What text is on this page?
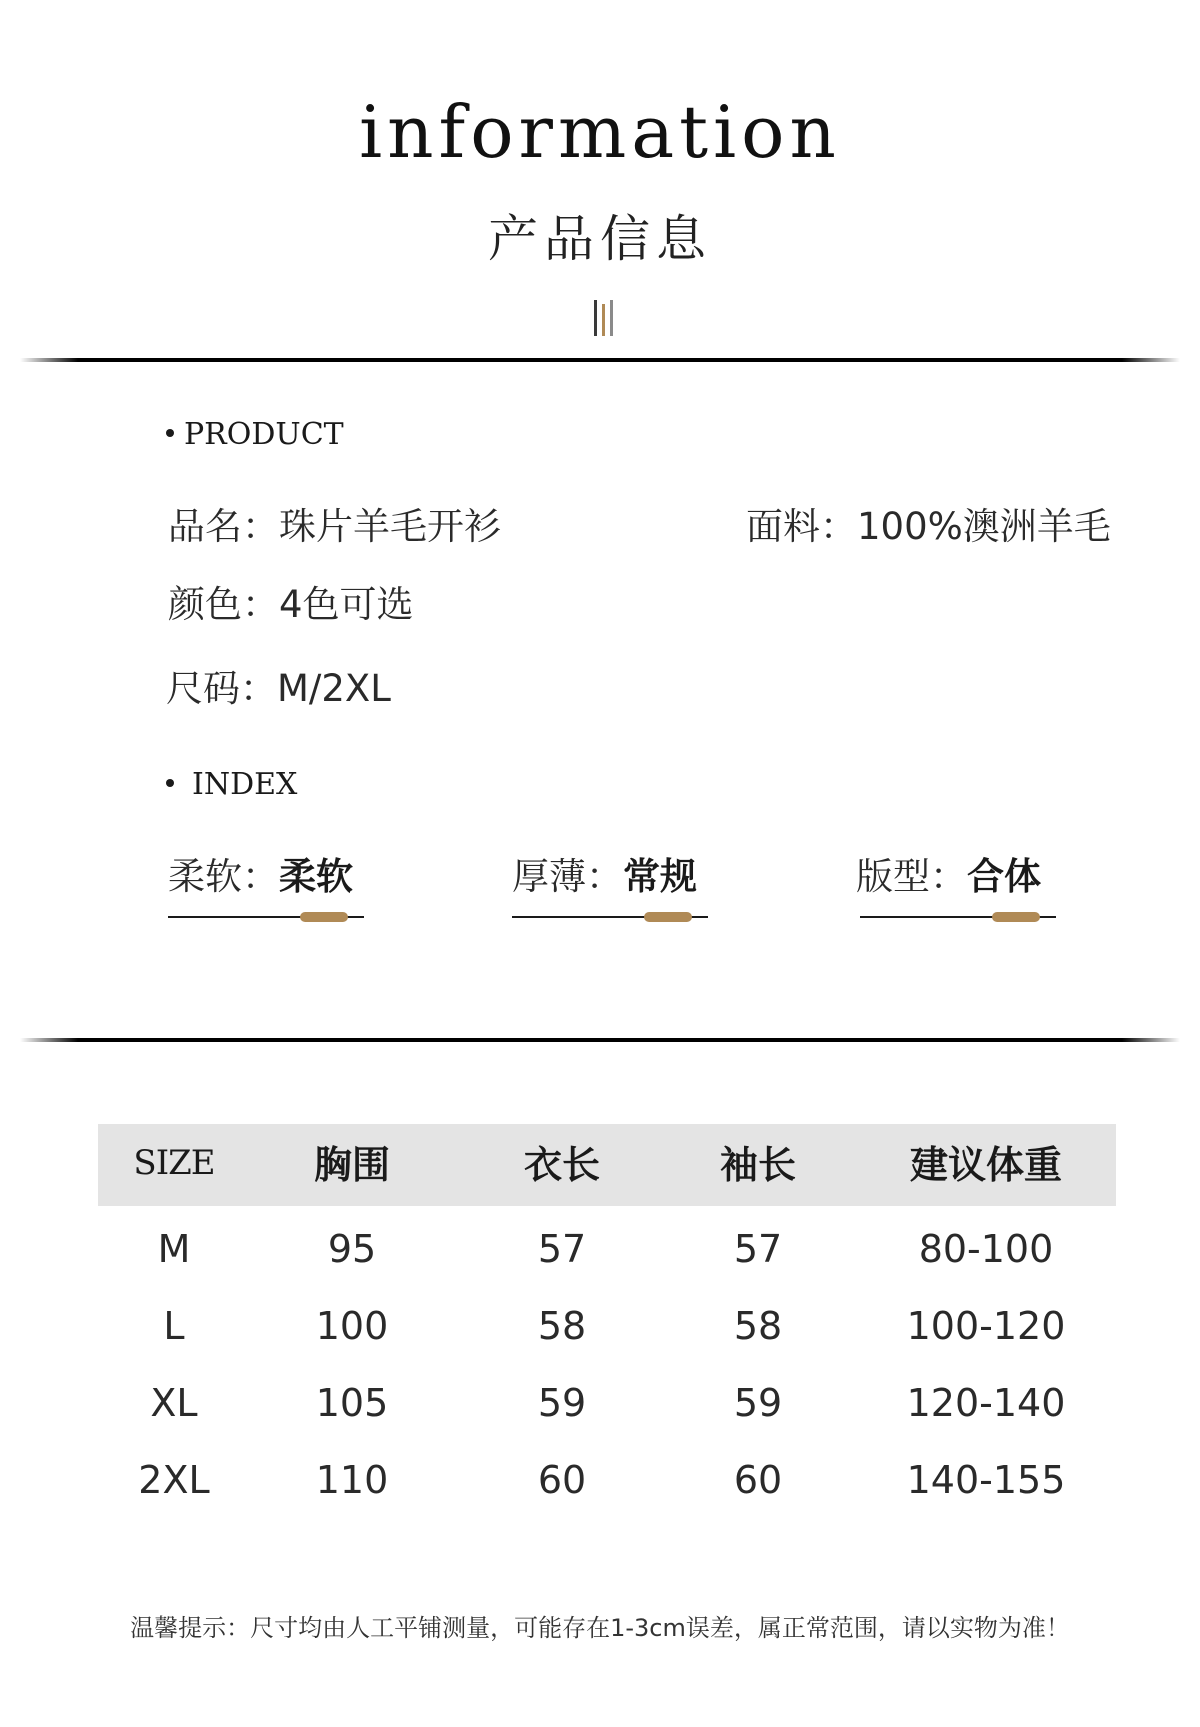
information
产品信息
PRODUCT
品名：珠片羊毛开衫	面料：100%澳洲羊毛
颜色：4色可选
尺码：M/2XL
INDEX
柔软：柔软	厚薄：常规	版型：合体
SIZE	胸围	衣长	袖长	建议体重
M	95	57	57	80-100
L	100	58	58	100-120
XL	105	59	59	120-140
2XL	110	60	60	140-155
温馨提示：尺寸均由人工平铺测量，可能存在1-3cm误差，属正常范围，请以实物为准！
